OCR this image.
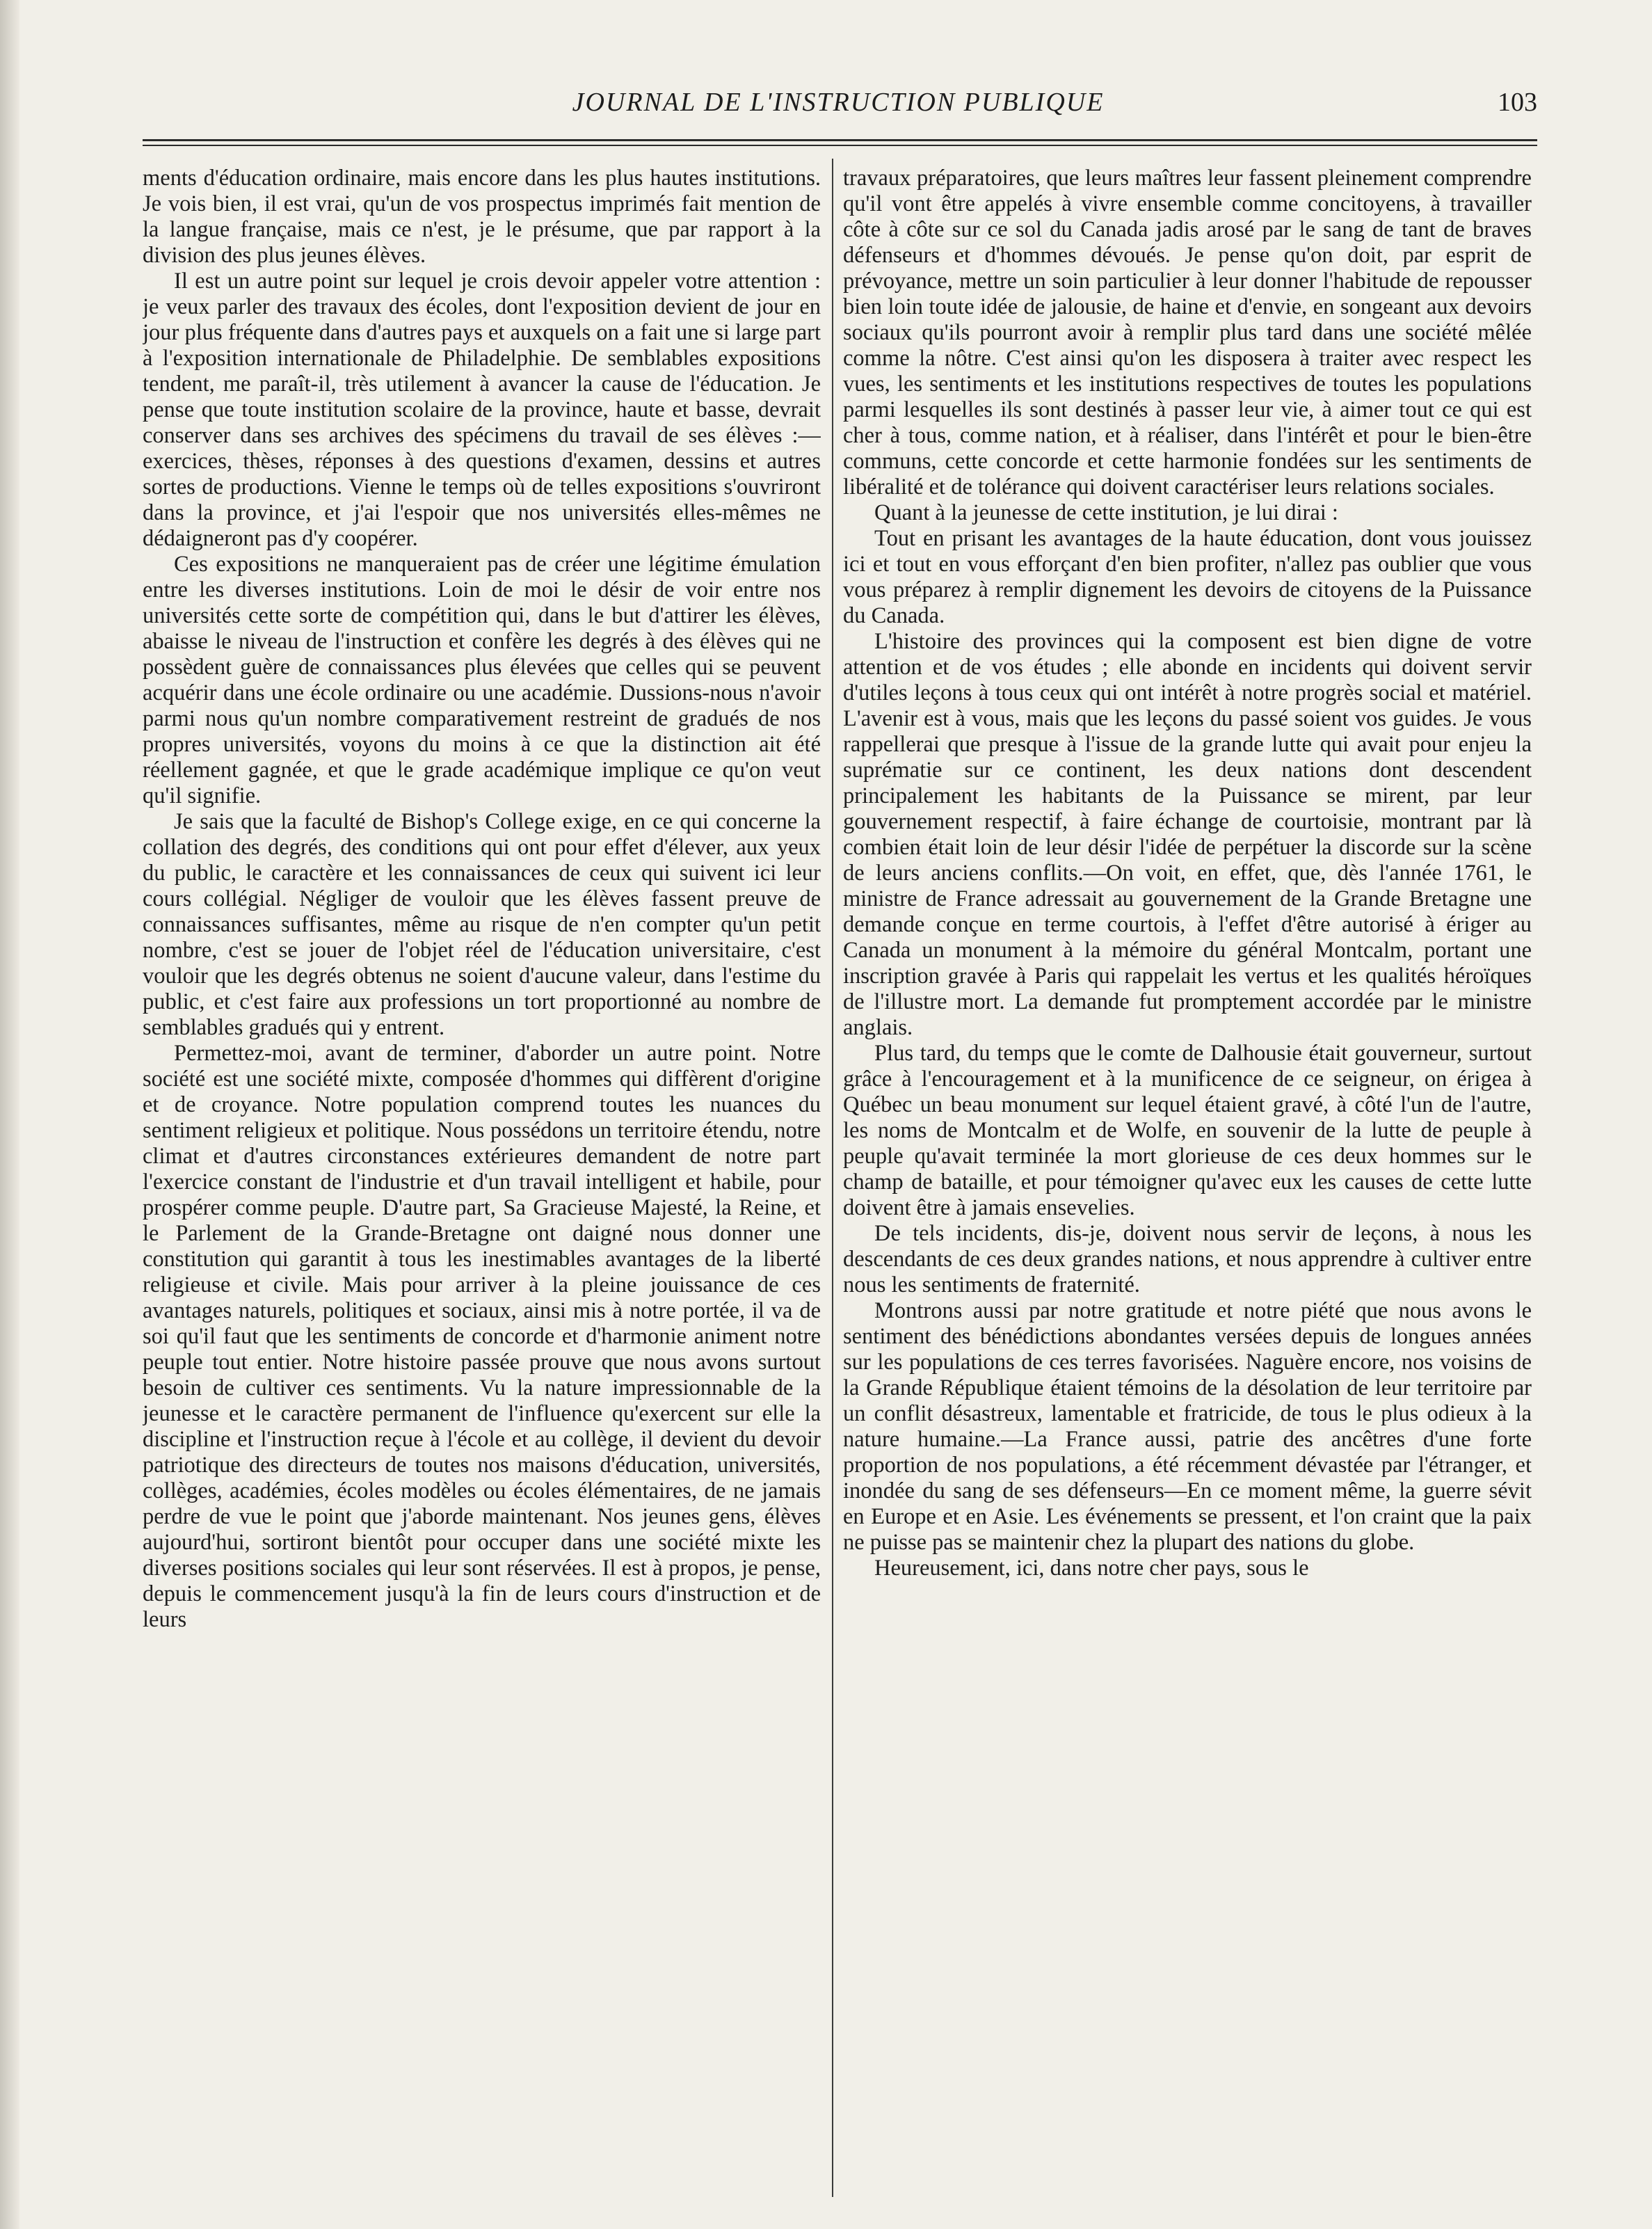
JOURNAL DE L'INSTRUCTION PUBLIQUE	103

ments d'éducation ordinaire, mais encore dans les plus hautes institutions. Je vois bien, il est vrai, qu'un de vos prospectus imprimés fait mention de la langue française, mais ce n'est, je le présume, que par rapport à la division des plus jeunes élèves.

Il est un autre point sur lequel je crois devoir appeler votre attention : je veux parler des travaux des écoles, dont l'exposition devient de jour en jour plus fréquente dans d'autres pays et auxquels on a fait une si large part à l'exposition internationale de Philadelphie. De semblables expositions tendent, me paraît-il, très utilement à avancer la cause de l'éducation. Je pense que toute institution scolaire de la province, haute et basse, devrait conserver dans ses archives des spécimens du travail de ses élèves :—exercices, thèses, réponses à des questions d'examen, dessins et autres sortes de productions. Vienne le temps où de telles expositions s'ouvriront dans la province, et j'ai l'espoir que nos universités elles-mêmes ne dédaigneront pas d'y coopérer.

Ces expositions ne manqueraient pas de créer une légitime émulation entre les diverses institutions. Loin de moi le désir de voir entre nos universités cette sorte de compétition qui, dans le but d'attirer les élèves, abaisse le niveau de l'instruction et confère les degrés à des élèves qui ne possèdent guère de connaissances plus élevées que celles qui se peuvent acquérir dans une école ordinaire ou une académie. Dussions-nous n'avoir parmi nous qu'un nombre comparativement restreint de gradués de nos propres universités, voyons du moins à ce que la distinction ait été réellement gagnée, et que le grade académique implique ce qu'on veut qu'il signifie.

Je sais que la faculté de Bishop's College exige, en ce qui concerne la collation des degrés, des conditions qui ont pour effet d'élever, aux yeux du public, le caractère et les connaissances de ceux qui suivent ici leur cours collégial. Négliger de vouloir que les élèves fassent preuve de connaissances suffisantes, même au risque de n'en compter qu'un petit nombre, c'est se jouer de l'objet réel de l'éducation universitaire, c'est vouloir que les degrés obtenus ne soient d'aucune valeur, dans l'estime du public, et c'est faire aux professions un tort proportionné au nombre de semblables gradués qui y entrent.

Permettez-moi, avant de terminer, d'aborder un autre point. Notre société est une société mixte, composée d'hommes qui diffèrent d'origine et de croyance. Notre population comprend toutes les nuances du sentiment religieux et politique. Nous possédons un territoire étendu, notre climat et d'autres circonstances extérieures demandent de notre part l'exercice constant de l'industrie et d'un travail intelligent et habile, pour prospérer comme peuple. D'autre part, Sa Gracieuse Majesté, la Reine, et le Parlement de la Grande-Bretagne ont daigné nous donner une constitution qui garantit à tous les inestimables avantages de la liberté religieuse et civile. Mais pour arriver à la pleine jouissance de ces avantages naturels, politiques et sociaux, ainsi mis à notre portée, il va de soi qu'il faut que les sentiments de concorde et d'harmonie animent notre peuple tout entier. Notre histoire passée prouve que nous avons surtout besoin de cultiver ces sentiments. Vu la nature impressionnable de la jeunesse et le caractère permanent de l'influence qu'exercent sur elle la discipline et l'instruction reçue à l'école et au collège, il devient du devoir patriotique des directeurs de toutes nos maisons d'éducation, universités, collèges, académies, écoles modèles ou écoles élémentaires, de ne jamais perdre de vue le point que j'aborde maintenant. Nos jeunes gens, élèves aujourd'hui, sortiront bientôt pour occuper dans une société mixte les diverses positions sociales qui leur sont réservées. Il est à propos, je pense, depuis le commencement jusqu'à la fin de leurs cours d'instruction et de leurs

travaux préparatoires, que leurs maîtres leur fassent pleinement comprendre qu'il vont être appelés à vivre ensemble comme concitoyens, à travailler côte à côte sur ce sol du Canada jadis arosé par le sang de tant de braves défenseurs et d'hommes dévoués. Je pense qu'on doit, par esprit de prévoyance, mettre un soin particulier à leur donner l'habitude de repousser bien loin toute idée de jalousie, de haine et d'envie, en songeant aux devoirs sociaux qu'ils pourront avoir à remplir plus tard dans une société mêlée comme la nôtre. C'est ainsi qu'on les disposera à traiter avec respect les vues, les sentiments et les institutions respectives de toutes les populations parmi lesquelles ils sont destinés à passer leur vie, à aimer tout ce qui est cher à tous, comme nation, et à réaliser, dans l'intérêt et pour le bien-être communs, cette concorde et cette harmonie fondées sur les sentiments de libéralité et de tolérance qui doivent caractériser leurs relations sociales.

Quant à la jeunesse de cette institution, je lui dirai :

Tout en prisant les avantages de la haute éducation, dont vous jouissez ici et tout en vous efforçant d'en bien profiter, n'allez pas oublier que vous vous préparez à remplir dignement les devoirs de citoyens de la Puissance du Canada.

L'histoire des provinces qui la composent est bien digne de votre attention et de vos études ; elle abonde en incidents qui doivent servir d'utiles leçons à tous ceux qui ont intérêt à notre progrès social et matériel. L'avenir est à vous, mais que les leçons du passé soient vos guides. Je vous rappellerai que presque à l'issue de la grande lutte qui avait pour enjeu la suprématie sur ce continent, les deux nations dont descendent principalement les habitants de la Puissance se mirent, par leur gouvernement respectif, à faire échange de courtoisie, montrant par là combien était loin de leur désir l'idée de perpétuer la discorde sur la scène de leurs anciens conflits.—On voit, en effet, que, dès l'année 1761, le ministre de France adressait au gouvernement de la Grande Bretagne une demande conçue en terme courtois, à l'effet d'être autorisé à ériger au Canada un monument à la mémoire du général Montcalm, portant une inscription gravée à Paris qui rappelait les vertus et les qualités héroïques de l'illustre mort. La demande fut promptement accordée par le ministre anglais.

Plus tard, du temps que le comte de Dalhousie était gouverneur, surtout grâce à l'encouragement et à la munificence de ce seigneur, on érigea à Québec un beau monument sur lequel étaient gravé, à côté l'un de l'autre, les noms de Montcalm et de Wolfe, en souvenir de la lutte de peuple à peuple qu'avait terminée la mort glorieuse de ces deux hommes sur le champ de bataille, et pour témoigner qu'avec eux les causes de cette lutte doivent être à jamais ensevelies.

De tels incidents, dis-je, doivent nous servir de leçons, à nous les descendants de ces deux grandes nations, et nous apprendre à cultiver entre nous les sentiments de fraternité.

Montrons aussi par notre gratitude et notre piété que nous avons le sentiment des bénédictions abondantes versées depuis de longues années sur les populations de ces terres favorisées. Naguère encore, nos voisins de la Grande République étaient témoins de la désolation de leur territoire par un conflit désastreux, lamentable et fratricide, de tous le plus odieux à la nature humaine.—La France aussi, patrie des ancêtres d'une forte proportion de nos populations, a été récemment dévastée par l'étranger, et inondée du sang de ses défenseurs—En ce moment même, la guerre sévit en Europe et en Asie. Les événements se pressent, et l'on craint que la paix ne puisse pas se maintenir chez la plupart des nations du globe.

Heureusement, ici, dans notre cher pays, sous le
